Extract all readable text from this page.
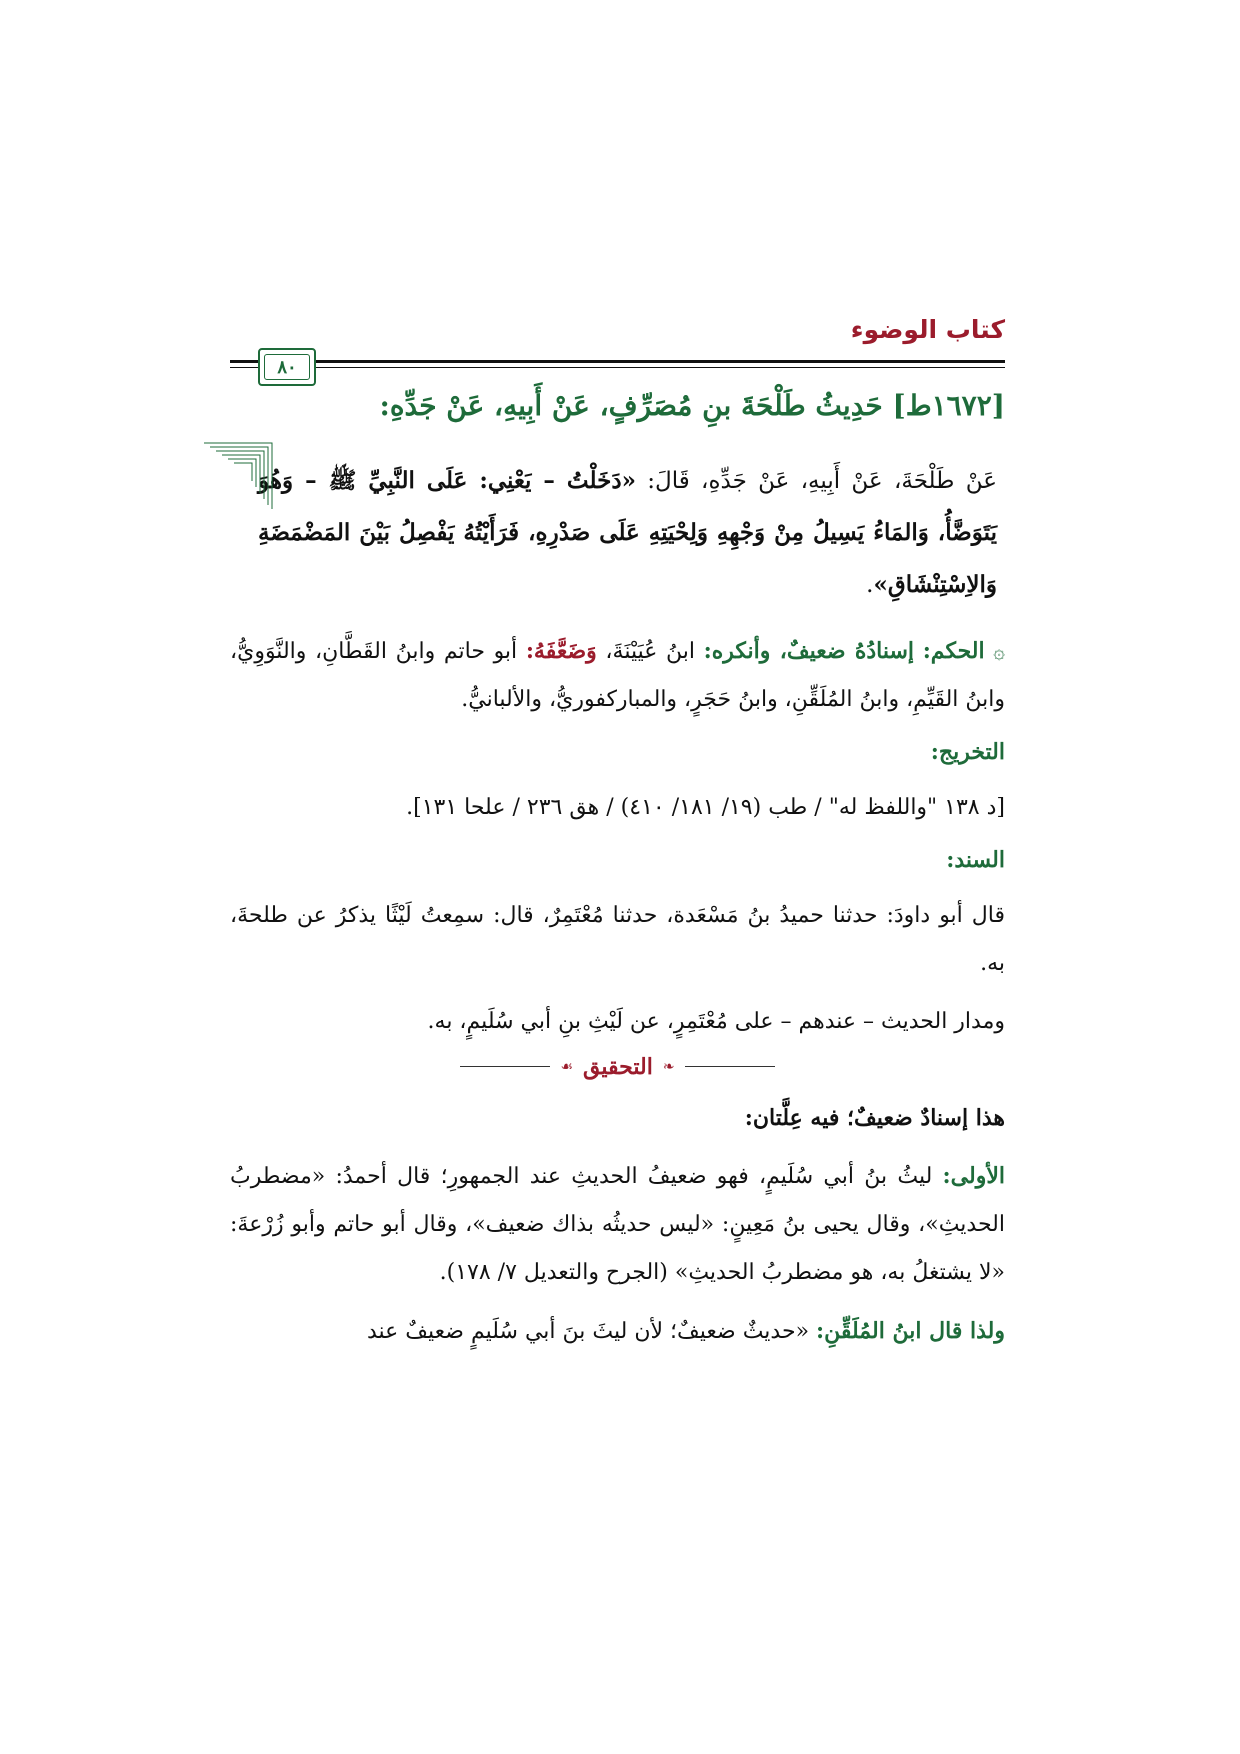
كتاب الوضوء
٨٠
[١٦٧٢ط] حَدِيثُ طَلْحَةَ بنِ مُصَرِّفٍ، عَنْ أَبِيهِ، عَنْ جَدِّهِ:
عَنْ طَلْحَةَ، عَنْ أَبِيهِ، عَنْ جَدِّهِ، قَالَ: «دَخَلْتُ – يَعْنِي: عَلَى النَّبِيِّ ﷺ – وَهُوَ يَتَوَضَّأُ، وَالمَاءُ يَسِيلُ مِنْ وَجْهِهِ وَلِحْيَتِهِ عَلَى صَدْرِهِ، فَرَأَيْتُهُ يَفْصِلُ بَيْنَ المَضْمَضَةِ وَالاِسْتِنْشَاقِ».
۞ الحكم: إسنادُهُ ضعيفٌ، وأنكره: ابنُ عُيَيْنَةَ، وَضَعَّفَهُ: أبو حاتم وابنُ القَطَّانِ، والنَّوَوِيُّ، وابنُ القَيِّمِ، وابنُ المُلَقِّنِ، وابنُ حَجَرٍ، والمباركفوريُّ، والألبانيُّ.
التخريج:
[د ١٣٨ "واللفظ له" / طب (١٩/ ١٨١/ ٤١٠) / هق ٢٣٦ / علحا ١٣١].
السند:
قال أبو داودَ: حدثنا حميدُ بنُ مَسْعَدة، حدثنا مُعْتَمِرٌ، قال: سمِعتُ لَيْثًا يذكرُ عن طلحةَ، به.
ومدار الحديث – عندهم – على مُعْتَمِرٍ، عن لَيْثِ بنِ أبي سُلَيمٍ، به.
❧
التحقيق
☙
هذا إسنادٌ ضعيفٌ؛ فيه عِلَّتان:
الأولى: ليثُ بنُ أبي سُلَيمٍ، فهو ضعيفُ الحديثِ عند الجمهورِ؛ قال أحمدُ: «مضطربُ الحديثِ»، وقال يحيى بنُ مَعِينٍ: «ليس حديثُه بذاك ضعيف»، وقال أبو حاتم وأبو زُرْعةَ: «لا يشتغلُ به، هو مضطربُ الحديثِ» (الجرح والتعديل ٧/ ١٧٨).
ولذا قال ابنُ المُلَقِّنِ: «حديثٌ ضعيفٌ؛ لأن ليثَ بنَ أبي سُلَيمٍ ضعيفٌ عند
